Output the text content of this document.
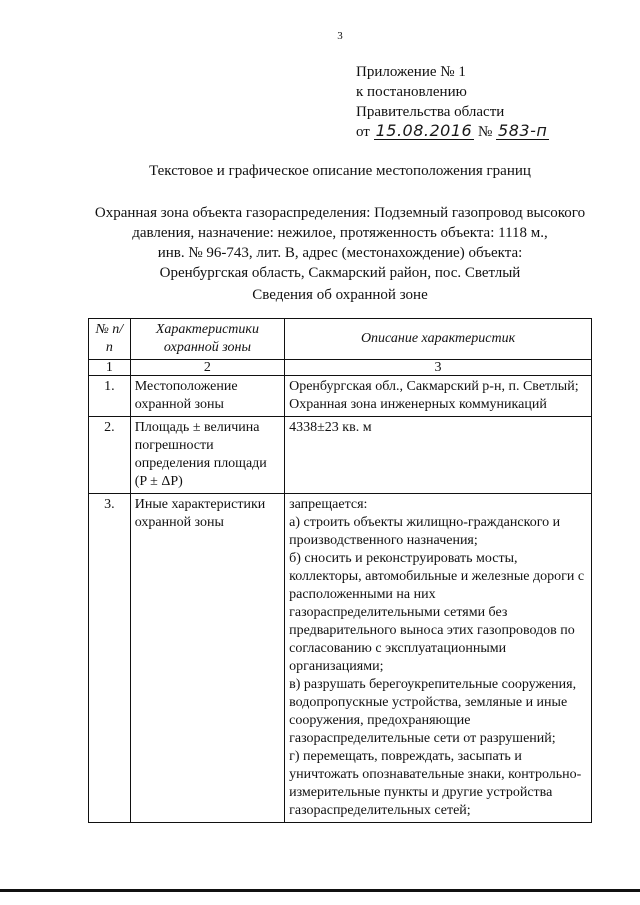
3
Приложение № 1
к постановлению
Правительства области
от 15.08.2016 № 583-п
Текстовое и графическое описание местоположения границ
Охранная зона объекта газораспределения: Подземный газопровод высокого
давления, назначение: нежилое, протяженность объекта: 1118 м.,
инв. № 96-743, лит. В, адрес (местонахождение) объекта:
Оренбургская область, Сакмарский район, пос. Светлый
Сведения об охранной зоне
№ п/п	Характеристики охранной зоны	Описание характеристик
1	2	3
1.	Местоположение охранной зоны	Оренбургская обл., Сакмарский р-н, п. Светлый; Охранная зона инженерных коммуникаций
2.	Площадь ± величина погрешности определения площади (P ± ΔP)	4338±23 кв. м
3.	Иные характеристики охранной зоны	запрещается:
а) строить объекты жилищно-гражданского и производственного назначения;
б) сносить и реконструировать мосты, коллекторы, автомобильные и железные дороги с расположенными на них газораспределительными сетями без предварительного выноса этих газопроводов по согласованию с эксплуатационными организациями;
в) разрушать берегоукрепительные сооружения, водопропускные устройства, земляные и иные сооружения, предохраняющие газораспределительные сети от разрушений;
г) перемещать, повреждать, засыпать и уничтожать опознавательные знаки, контрольно-измерительные пункты и другие устройства газораспределительных сетей;
